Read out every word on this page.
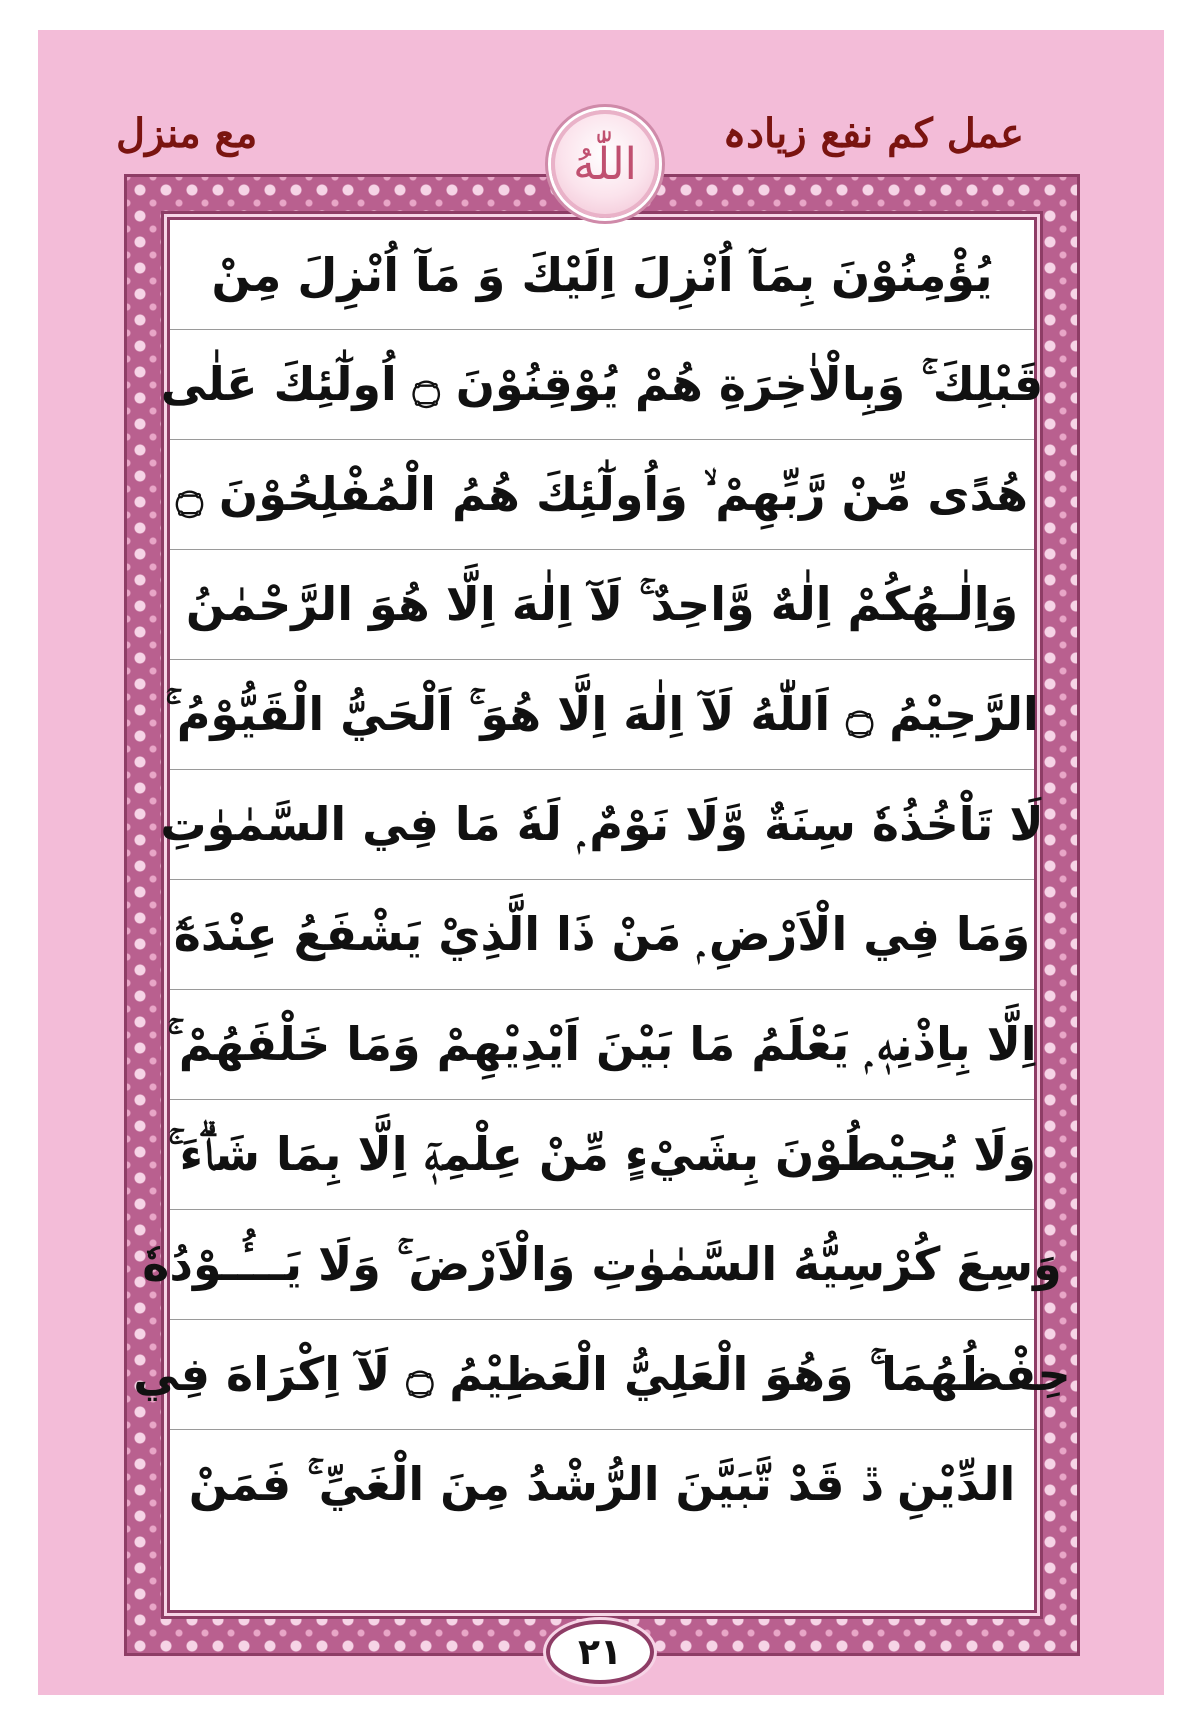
عمل کم نفع زیادہ
مع منزل
اللّٰهُ
يُؤْمِنُوْنَ بِمَآ اُنْزِلَ اِلَيْكَ وَ مَآ اُنْزِلَ مِنْ
قَبْلِكَ ۚ وَبِالْاٰخِرَةِ هُمْ يُوْقِنُوْنَ ۝ اُولٰٓئِكَ عَلٰى
هُدًى مِّنْ رَّبِّهِمْ ۙ وَاُولٰٓئِكَ هُمُ الْمُفْلِحُوْنَ ۝
وَاِلٰـهُكُمْ اِلٰهٌ وَّاحِدٌ ۚ لَآ اِلٰهَ اِلَّا هُوَ الرَّحْمٰنُ
الرَّحِيْمُ ۝ اَللّٰهُ لَآ اِلٰهَ اِلَّا هُوَ ۚ اَلْحَيُّ الْقَيُّوْمُ ۚ
لَا تَاْخُذُهٗ سِنَةٌ وَّلَا نَوْمٌ ۭ لَهٗ مَا فِي السَّمٰوٰتِ
وَمَا فِي الْاَرْضِ ۭ مَنْ ذَا الَّذِيْ يَشْفَعُ عِنْدَهٗٓ
اِلَّا بِاِذْنِهٖ ۭ يَعْلَمُ مَا بَيْنَ اَيْدِيْهِمْ وَمَا خَلْفَهُمْ ۚ
وَلَا يُحِيْطُوْنَ بِشَيْءٍ مِّنْ عِلْمِهٖٓ اِلَّا بِمَا شَاۗءَ ۚ
وَسِعَ كُرْسِيُّهُ السَّمٰوٰتِ وَالْاَرْضَ ۚ وَلَا يَـــُٔـوْدُهٗ
حِفْظُهُمَا ۚ وَهُوَ الْعَلِيُّ الْعَظِيْمُ ۝ لَآ اِكْرَاهَ فِي
الدِّيْنِ ڐ قَدْ تَّبَيَّنَ الرُّشْدُ مِنَ الْغَيِّ ۚ فَمَنْ
٢١
